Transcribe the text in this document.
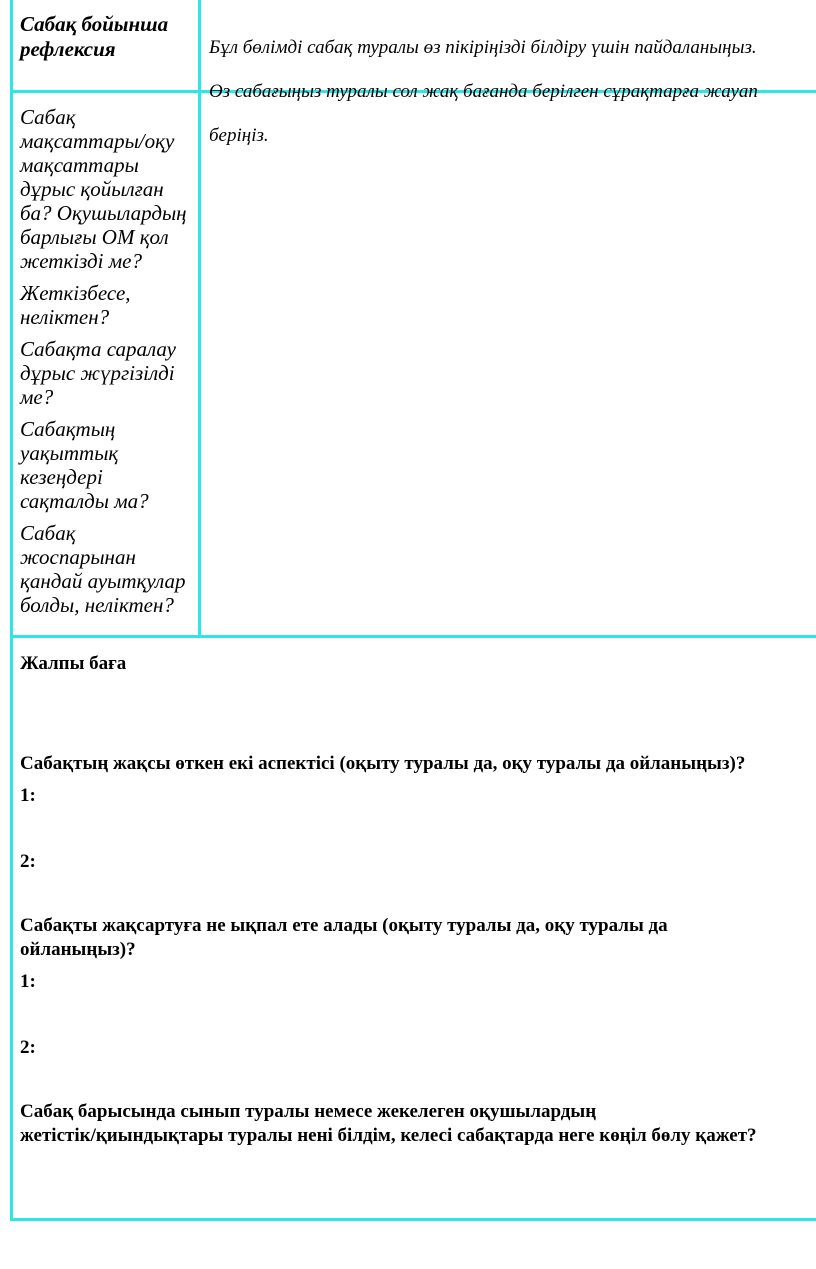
Сабақ бойынша рефлексия	Бұл бөлімді сабақ туралы өз пікіріңізді білдіру үшін пайдаланыңыз.

Өз сабағыңыз туралы сол жақ бағанда берілген сұрақтарға жауап

беріңіз.

Сабақ мақсаттары/оқу мақсаттары дұрыс қойылған ба? Оқушылардың барлығы ОМ қол жеткізді ме?

Жеткізбесе, неліктен?

Сабақта саралау дұрыс жүргізілді ме?

Сабақтың уақыттық кезеңдері сақталды ма?

Сабақ жоспарынан қандай ауытқулар болды, неліктен?

Жалпы баға
Сабақтың жақсы өткен екі аспектісі (оқыту туралы да, оқу туралы да ойланыңыз)?
1:
2:
Сабақты жақсартуға не ықпал ете алады (оқыту туралы да, оқу туралы да
ойланыңыз)?
1:
2:
Сабақ барысында сынып туралы немесе жекелеген оқушылардың
жетістік/қиындықтары туралы нені білдім, келесі сабақтарда неге көңіл бөлу қажет?
